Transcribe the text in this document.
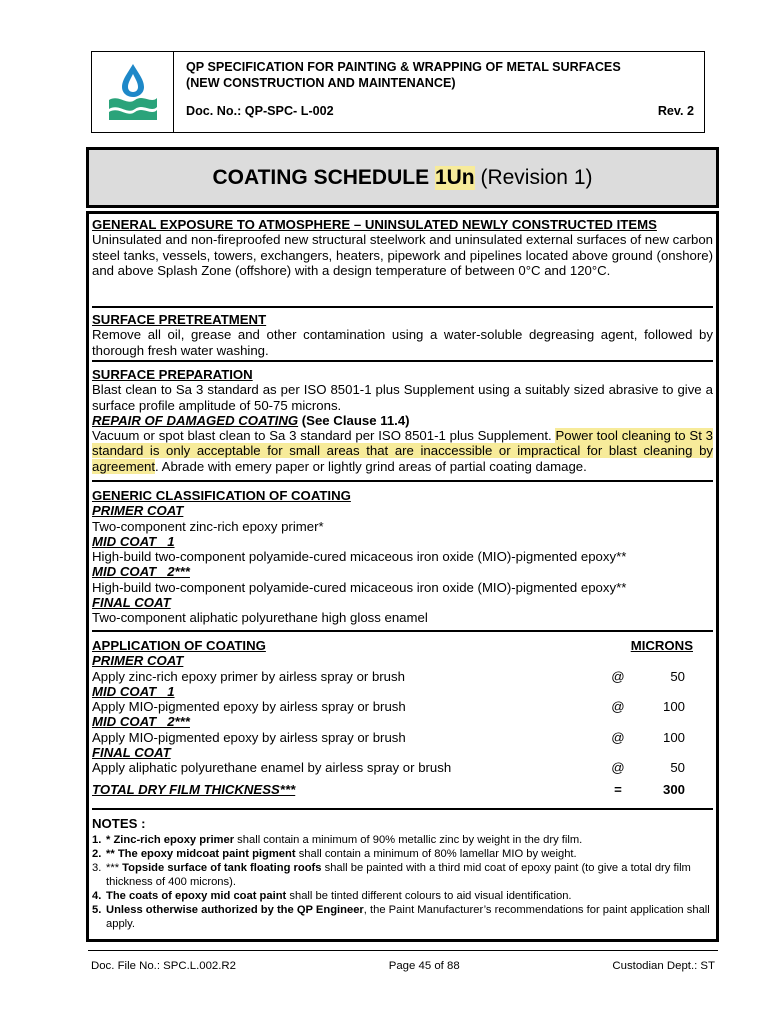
QP SPECIFICATION FOR PAINTING & WRAPPING OF METAL SURFACES
(NEW CONSTRUCTION AND MAINTENANCE)
Doc. No.: QP-SPC- L-002	Rev. 2
COATING SCHEDULE 1Un (Revision 1)
GENERAL EXPOSURE TO ATMOSPHERE – UNINSULATED NEWLY CONSTRUCTED ITEMS
Uninsulated and non-fireproofed new structural steelwork and uninsulated external surfaces of new carbon steel tanks, vessels, towers, exchangers, heaters, pipework and pipelines located above ground (onshore) and above Splash Zone (offshore) with a design temperature of between 0°C and 120°C.
SURFACE PRETREATMENT
Remove all oil, grease and other contamination using a water-soluble degreasing agent, followed by thorough fresh water washing.
SURFACE PREPARATION
Blast clean to Sa 3 standard as per ISO 8501-1 plus Supplement using a suitably sized abrasive to give a surface profile amplitude of 50-75 microns.
REPAIR OF DAMAGED COATING (See Clause 11.4)
Vacuum or spot blast clean to Sa 3 standard per ISO 8501-1 plus Supplement. Power tool cleaning to St 3 standard is only acceptable for small areas that are inaccessible or impractical for blast cleaning by agreement. Abrade with emery paper or lightly grind areas of partial coating damage.
GENERIC CLASSIFICATION OF COATING
PRIMER COAT
Two-component zinc-rich epoxy primer*
MID COAT   1
High-build two-component polyamide-cured micaceous iron oxide (MIO)-pigmented epoxy**
MID COAT   2***
High-build two-component polyamide-cured micaceous iron oxide (MIO)-pigmented epoxy**
FINAL COAT
Two-component aliphatic polyurethane high gloss enamel
APPLICATION OF COATING	MICRONS
PRIMER COAT
Apply zinc-rich epoxy primer by airless spray or brush	@	50
MID COAT   1
Apply MIO-pigmented epoxy by airless spray or brush	@	100
MID COAT   2***
Apply MIO-pigmented epoxy by airless spray or brush	@	100
FINAL COAT
Apply aliphatic polyurethane enamel by airless spray or brush	@	50
TOTAL DRY FILM THICKNESS***	=	300
NOTES :
1. * Zinc-rich epoxy primer shall contain a minimum of 90% metallic zinc by weight in the dry film.
2. ** The epoxy midcoat paint pigment shall contain a minimum of 80% lamellar MIO by weight.
3. *** Topside surface of tank floating roofs shall be painted with a third mid coat of epoxy paint (to give a total dry film thickness of 400 microns).
4. The coats of epoxy mid coat paint shall be tinted different colours to aid visual identification.
5. Unless otherwise authorized by the QP Engineer, the Paint Manufacturer’s recommendations for paint application shall apply.
Doc. File No.: SPC.L.002.R2	Page 45 of 88	Custodian Dept.: ST
